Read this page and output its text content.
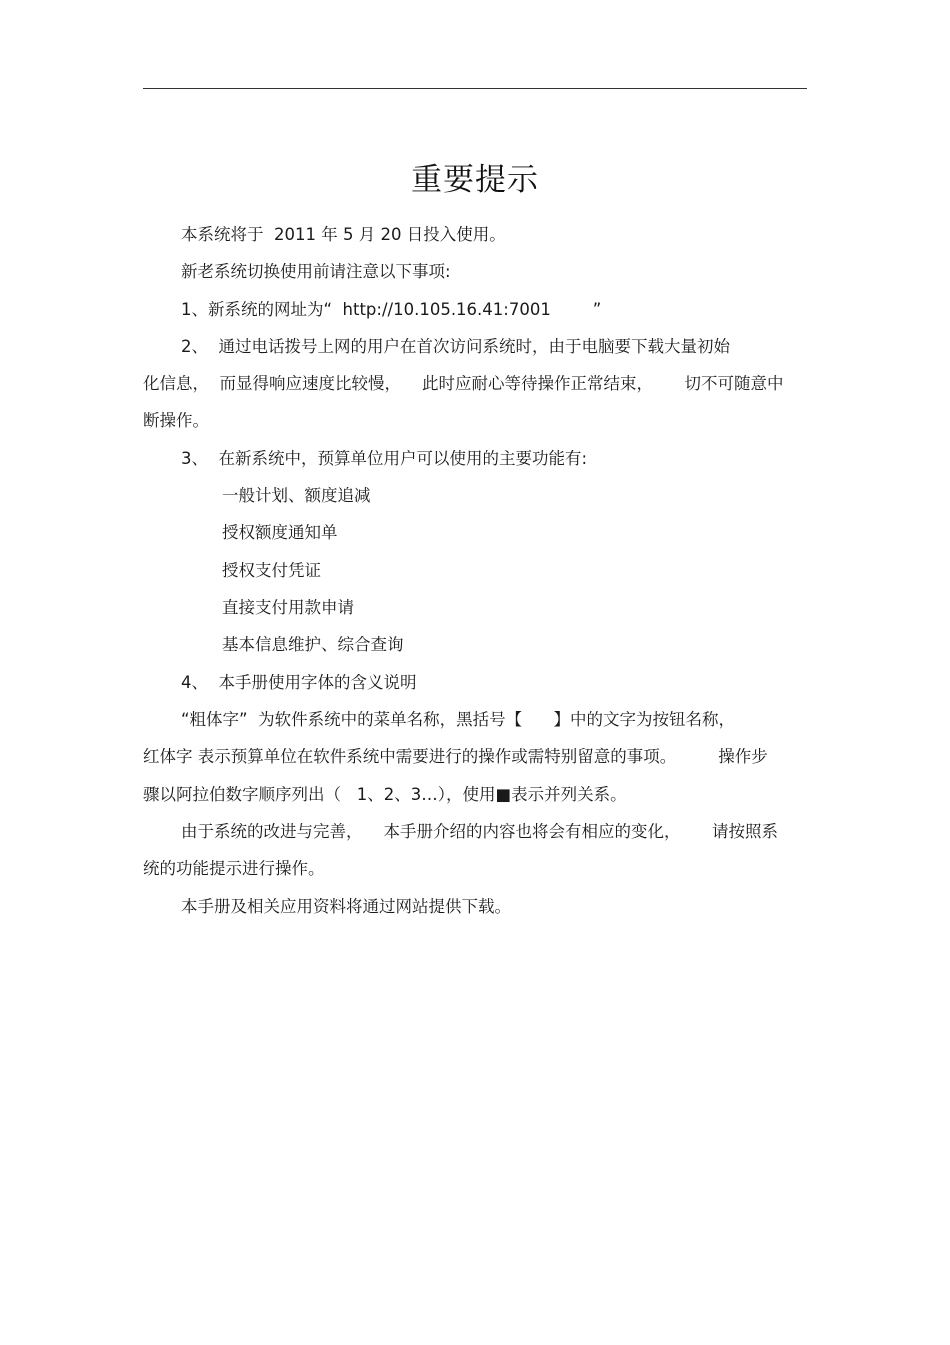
重要提示
本系统将于  2011 年 5 月 20 日投入使用。
新老系统切换使用前请注意以下事项:
1、新系统的网址为“  http://10.105.16.41:7001        ”
2、  通过电话拨号上网的用户在首次访问系统时，由于电脑要下载大量初始
化信息，  而显得响应速度比较慢，    此时应耐心等待操作正常结束，      切不可随意中
断操作。
3、  在新系统中，预算单位用户可以使用的主要功能有:
一般计划、额度追减
授权额度通知单
授权支付凭证
直接支付用款申请
基本信息维护、综合查询
4、  本手册使用字体的含义说明
“粗体字”  为软件系统中的菜单名称，黑括号【      】中的文字为按钮名称，
红体字 表示预算单位在软件系统中需要进行的操作或需特别留意的事项。        操作步
骤以阿拉伯数字顺序列出（   1、2、3…），使用■表示并列关系。
由于系统的改进与完善，    本手册介绍的内容也将会有相应的变化，      请按照系
统的功能提示进行操作。
本手册及相关应用资料将通过网站提供下载。
